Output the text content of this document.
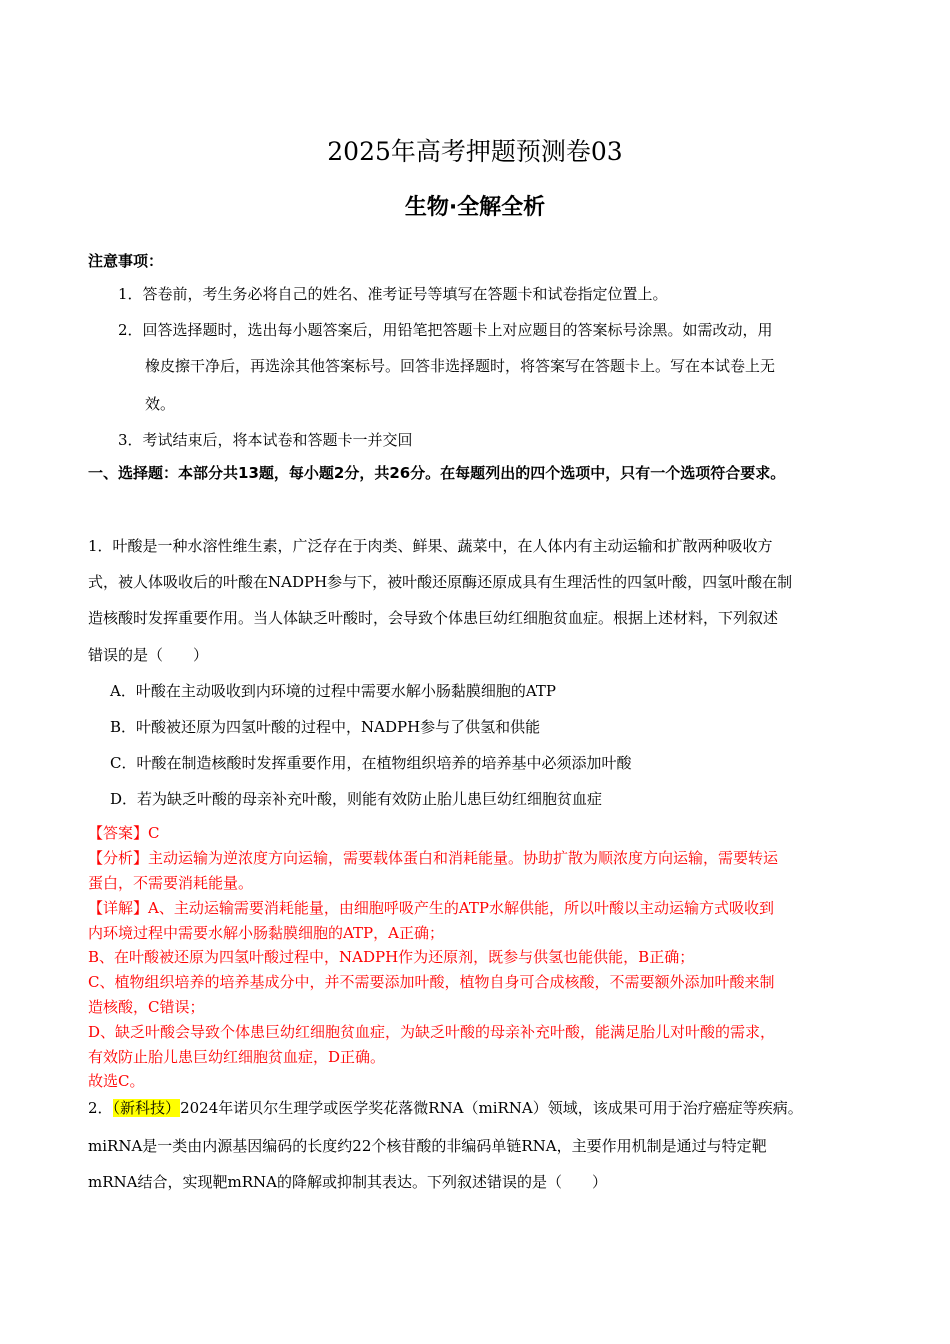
2025年高考押题预测卷03
生物·全解全析
注意事项：
1．答卷前，考生务必将自己的姓名、准考证号等填写在答题卡和试卷指定位置上。
2．回答选择题时，选出每小题答案后，用铅笔把答题卡上对应题目的答案标号涂黑。如需改动，用
橡皮擦干净后，再选涂其他答案标号。回答非选择题时，将答案写在答题卡上。写在本试卷上无
效。
3．考试结束后，将本试卷和答题卡一并交回
一、选择题：本部分共13题，每小题2分，共26分。在每题列出的四个选项中，只有一个选项符合要求。
1．叶酸是一种水溶性维生素，广泛存在于肉类、鲜果、蔬菜中，在人体内有主动运输和扩散两种吸收方
式，被人体吸收后的叶酸在NADPH参与下，被叶酸还原酶还原成具有生理活性的四氢叶酸，四氢叶酸在制
造核酸时发挥重要作用。当人体缺乏叶酸时，会导致个体患巨幼红细胞贫血症。根据上述材料，下列叙述
错误的是（　　）
A．叶酸在主动吸收到内环境的过程中需要水解小肠黏膜细胞的ATP
B．叶酸被还原为四氢叶酸的过程中，NADPH参与了供氢和供能
C．叶酸在制造核酸时发挥重要作用，在植物组织培养的培养基中必须添加叶酸
D．若为缺乏叶酸的母亲补充叶酸，则能有效防止胎儿患巨幼红细胞贫血症
【答案】C
【分析】主动运输为逆浓度方向运输，需要载体蛋白和消耗能量。协助扩散为顺浓度方向运输，需要转运
蛋白，不需要消耗能量。
【详解】A、主动运输需要消耗能量，由细胞呼吸产生的ATP水解供能，所以叶酸以主动运输方式吸收到
内环境过程中需要水解小肠黏膜细胞的ATP，A正确；
B、在叶酸被还原为四氢叶酸过程中，NADPH作为还原剂，既参与供氢也能供能，B正确；
C、植物组织培养的培养基成分中，并不需要添加叶酸，植物自身可合成核酸，不需要额外添加叶酸来制
造核酸，C错误；
D、缺乏叶酸会导致个体患巨幼红细胞贫血症，为缺乏叶酸的母亲补充叶酸，能满足胎儿对叶酸的需求，
有效防止胎儿患巨幼红细胞贫血症，D正确。
故选C。
2．（新科技）2024年诺贝尔生理学或医学奖花落微RNA（miRNA）领域，该成果可用于治疗癌症等疾病。
miRNA是一类由内源基因编码的长度约22个核苷酸的非编码单链RNA，主要作用机制是通过与特定靶
mRNA结合，实现靶mRNA的降解或抑制其表达。下列叙述错误的是（　　）
